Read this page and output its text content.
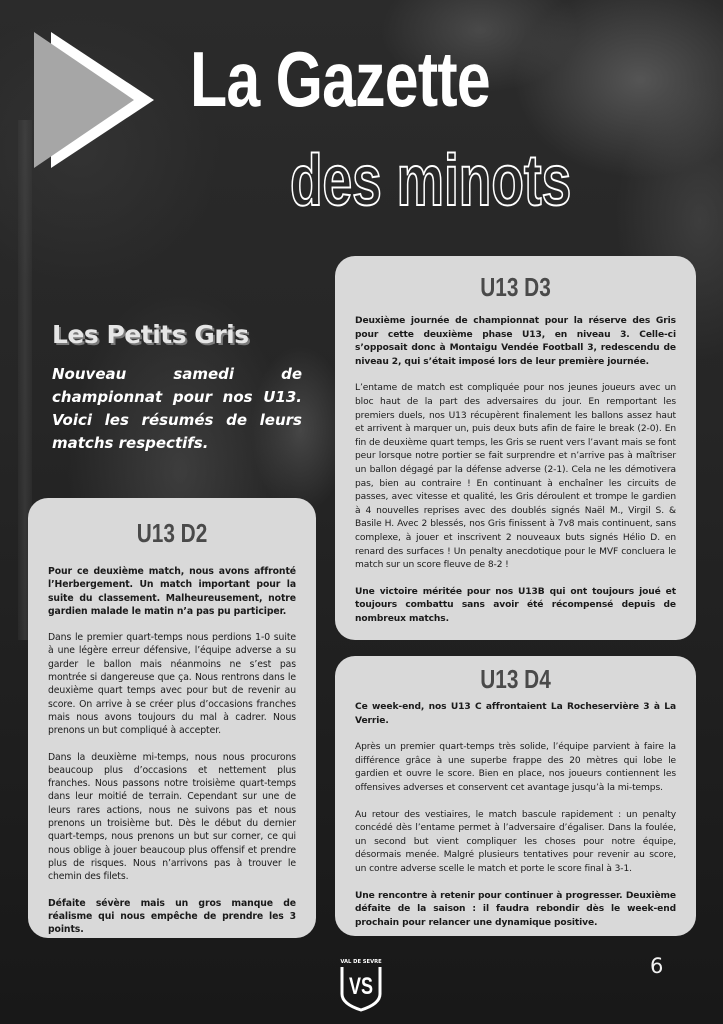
La Gazette
des minots
Les Petits Gris
Nouveau samedi de championnat pour nos U13. Voici les résumés de leurs matchs respectifs.
U13 D3

Deuxième journée de championnat pour la réserve des Gris pour cette deuxième phase U13, en niveau 3. Celle-ci s’opposait donc à Montaigu Vendée Football 3, redescendu de niveau 2, qui s’était imposé lors de leur première journée.

L’entame de match est compliquée pour nos jeunes joueurs avec un bloc haut de la part des adversaires du jour. En remportant les premiers duels, nos U13 récupèrent finalement les ballons assez haut et arrivent à marquer un, puis deux buts afin de faire le break (2-0). En fin de deuxième quart temps, les Gris se ruent vers l’avant mais se font peur lorsque notre portier se fait surprendre et n’arrive pas à maîtriser un ballon dégagé par la défense adverse (2-1). Cela ne les démotivera pas, bien au contraire ! En continuant à enchaîner les circuits de passes, avec vitesse et qualité, les Gris déroulent et trompe le gardien à 4 nouvelles reprises avec des doublés signés Naël M., Virgil S. & Basile H. Avec 2 blessés, nos Gris finissent à 7v8 mais continuent, sans complexe, à jouer et inscrivent 2 nouveaux buts signés Hélio D. en renard des surfaces ! Un penalty anecdotique pour le MVF concluera le match sur un score fleuve de 8-2 !

Une victoire méritée pour nos U13B qui ont toujours joué et toujours combattu sans avoir été récompensé depuis de nombreux matchs.

U13 D2

Pour ce deuxième match, nous avons affronté l’Herbergement. Un match important pour la suite du classement. Malheureusement, notre gardien malade le matin n’a pas pu participer.

Dans le premier quart-temps nous perdions 1-0 suite à une légère erreur défensive, l’équipe adverse a su garder le ballon mais néanmoins ne s’est pas montrée si dangereuse que ça. Nous rentrons dans le deuxième quart temps avec pour but de revenir au score. On arrive à se créer plus d’occasions franches mais nous avons toujours du mal à cadrer. Nous prenons un but compliqué à accepter.

Dans la deuxième mi-temps, nous nous procurons beaucoup plus d’occasions et nettement plus franches. Nous passons notre troisième quart-temps dans leur moitié de terrain. Cependant sur une de leurs rares actions, nous ne suivons pas et nous prenons un troisième but. Dès le début du dernier quart-temps, nous prenons un but sur corner, ce qui nous oblige à jouer beaucoup plus offensif et prendre plus de risques. Nous n’arrivons pas à trouver le chemin des filets.

Défaite sévère mais un gros manque de réalisme qui nous empêche de prendre les 3 points.

U13 D4

Ce week-end, nos U13 C affrontaient La Rocheservière 3 à La Verrie.

Après un premier quart-temps très solide, l’équipe parvient à faire la différence grâce à une superbe frappe des 20 mètres qui lobe le gardien et ouvre le score. Bien en place, nos joueurs contiennent les offensives adverses et conservent cet avantage jusqu’à la mi-temps.

Au retour des vestiaires, le match bascule rapidement : un penalty concédé dès l’entame permet à l’adversaire d’égaliser. Dans la foulée, un second but vient compliquer les choses pour notre équipe, désormais menée. Malgré plusieurs tentatives pour revenir au score, un contre adverse scelle le match et porte le score final à 3-1.

Une rencontre à retenir pour continuer à progresser. Deuxième défaite de la saison : il faudra rebondir dès le week-end prochain pour relancer une dynamique positive.

VAL DE SEVRE
VS
6
